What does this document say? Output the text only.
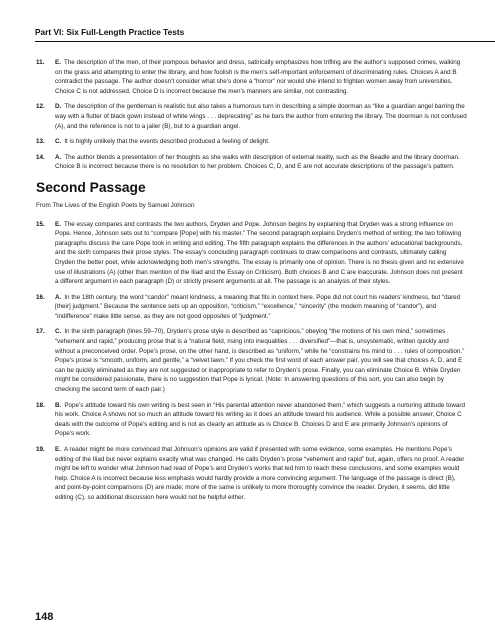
Part VI: Six Full-Length Practice Tests
11.	E. The description of the men, of their pompous behavior and dress, satirically emphasizes how trifling are the author’s supposed crimes, walking on the grass and attempting to enter the library, and how foolish is the men’s self-important enforcement of discriminating rules. Choices A and B contradict the passage. The author doesn’t consider what she’s done a “horror” nor would she intend to frighten women away from universities. Choice C is not addressed. Choice D is incorrect because the men’s manners are similar, not contrasting.

12.	D. The description of the gentleman is realistic but also takes a humorous turn in describing a simple doorman as “like a guardian angel barring the way with a flutter of black gown instead of white wings . . . deprecating” as he bars the author from entering the library. The doorman is not confused (A), and the reference is not to a jailer (B), but to a guardian angel.

13.	C. It is highly unlikely that the events described produced a feeling of delight.

14.	A. The author blends a presentation of her thoughts as she walks with description of external reality, such as the Beadle and the library doorman. Choice B is incorrect because there is no resolution to her problem. Choices C, D, and E are not accurate descriptions of the passage’s pattern.

Second Passage

From The Lives of the English Poets by Samuel Johnson

15.	E. The essay compares and contrasts the two authors, Dryden and Pope. Johnson begins by explaining that Dryden was a strong influence on Pope. Hence, Johnson sets out to “compare [Pope] with his master.” The second paragraph explains Dryden’s method of writing; the two following paragraphs discuss the care Pope took in writing and editing. The fifth paragraph explains the differences in the authors’ educational backgrounds, and the sixth compares their prose styles. The essay’s concluding paragraph continues to draw comparisons and contrasts, ultimately calling Dryden the better poet, while acknowledging both men’s strengths. The essay is primarily one of opinion. There is no thesis given and no extensive use of illustrations (A) (other than mention of the Iliad and the Essay on Criticism). Both choices B and C are inaccurate. Johnson does not present a different argument in each paragraph (D) or strictly present arguments at all. The passage is an analysis of their styles.

16.	A. In the 18th century, the word “candor” meant kindness, a meaning that fits in context here. Pope did not court his readers’ kindness, but “dared [their] judgment.” Because the sentence sets up an opposition, “criticism,” “excellence,” “sincerity” (the modern meaning of “candor”), and “indifference” make little sense, as they are not good opposites of “judgment.”

17.	C. In the sixth paragraph (lines 59–70), Dryden’s prose style is described as “capricious,” obeying “the motions of his own mind,” sometimes “vehement and rapid,” producing prose that is a “natural field, rising into inequalities . . . diversified”—that is, unsystematic, written quickly and without a preconceived order. Pope’s prose, on the other hand, is described as “uniform,” while he “constrains his mind to . . . rules of composition.” Pope’s prose is “smooth, uniform, and gentle,” a “velvet lawn.” If you check the first word of each answer pair, you will see that choices A, D, and E can be quickly eliminated as they are not suggested or inappropriate to refer to Dryden’s prose. Finally, you can eliminate Choice B. While Dryden might be considered passionate, there is no suggestion that Pope is lyrical. (Note: In answering questions of this sort, you can also begin by checking the second term of each pair.)

18.	B. Pope’s attitude toward his own writing is best seen in “His parental attention never abandoned them,” which suggests a nurturing attitude toward his work. Choice A shows not so much an attitude toward his writing as it does an attitude toward his audience. While a possible answer, Choice C deals with the outcome of Pope’s editing and is not as clearly an attitude as is Choice B. Choices D and E are primarily Johnson’s opinions of Pope’s work.

19.	E. A reader might be more convinced that Johnson’s opinions are valid if presented with some evidence, some examples. He mentions Pope’s editing of the Iliad but never explains exactly what was changed. He calls Dryden’s prose “vehement and rapid” but, again, offers no proof. A reader might be left to wonder what Johnson had read of Pope’s and Dryden’s works that led him to reach these conclusions, and some examples would help. Choice A is incorrect because less emphasis would hardly provide a more convincing argument. The language of the passage is direct (B), and point-by-point comparisons (D) are made; more of the same is unlikely to more thoroughly convince the reader. Dryden, it seems, did little editing (C), so additional discussion here would not be helpful either.

148
